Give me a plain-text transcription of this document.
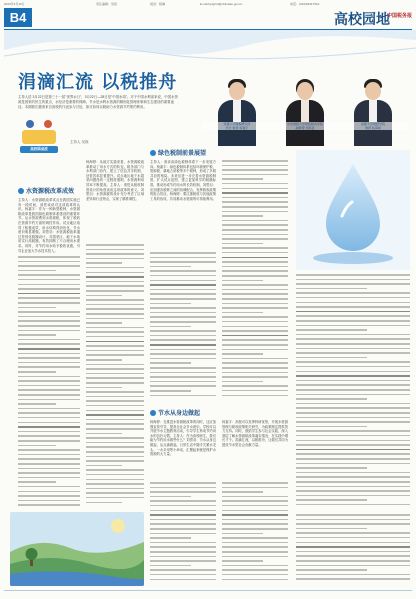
2023年3月10日	责任编辑：吴琼	视觉：程琳	E-mail:qnghrd@chinatax.gov.cn	电话：(010)63417516
B4	高校园地
中国税务报
涓滴汇流 以税推舟
主持人语 3月22日是第三十一届"世界水日"，3月22日—28日是"中国水周"。对于中国水利部来说，中国水资源是国家的民生的重点，水经济是重要的保障。节水是水利水资源的精细化管理体制和生态建设的重要途径。本期我们邀请来自高校的代表参与讨论，探讨如何以税助力水资源节约集约利用。
特邀大学财税研究所
所长 教授 杨嘉宇
中央财经大学财政税务学院
副教授 刘思羽
首都大学财经学院
教授 杨海婷
高校圆桌派
主持人 吴琼
水资源税改革成效
主持人：水资源税改革试点在我国实施已有一段时间，请您谈谈对这项改革的认识。杨嘉宇：作为一种新型税种，水资源税改革是我国绿色税制体系建设的重要环节。从水资源费到水资源税，体现了税收在资源节约方面的调控作用。试点地区取得了积极成效，用水结构得到优化，节水意识明显增强。刘思羽：水资源税改革通过差别化税额设计，对超采区、地下水取用实行高税额，有效抑制了不合理用水需求。同时，对节约用水给予税收优惠，引导企业加大节水技术投入。
杨海婷：从地方实践来看，水资源税改革推动了用水方式的转变。税务部门与水利部门协作，建立了信息共享机制，征管效率显著提升。试点地区地下水超采问题得到一定程度遏制，水资源利用效率不断提高。主持人：请您从税收制度设计的角度谈谈这项改革的意义。刘思羽：水资源税的设计充分考虑了区域差异和行业特点，实现了精准调控。
绿色税制前景展望
主持人：请谈谈绿色税制体系下一步发展方向。杨嘉宇：绿色税制体系包括环境保护税、资源税、耕地占用税等多个税种，形成了多税共治的格局。未来应进一步完善水资源税制度，扩大试点范围，建立更加科学的税额标准，推动形成节约用水的长效机制。刘思羽：应加强各税种之间的协调配合，发挥税收政策的组合效应。杨海婷：要注重税收与其他政策工具的协同，共同推动水资源的可持续利用。
节水从身边做起
杨海婷：在推进水资源税改革的同时，还应加强宣传引导，提高全社会节水意识。学校可以开展节水主题教育活动，引导学生养成节约用水的良好习惯。主持人：作为高校师生，我们能为节约用水做些什么？刘思羽：节水从身边做起，从点滴做起。日常生活中随手关紧水龙头、一水多用等小举动，汇聚起来就是保护水资源的大力量。
杨嘉宇：高校可以发挥科研优势，开展水资源管理与税收政策相关研究，为政策制定提供智力支持。同时，鼓励学生参与社会实践，深入基层了解水资源税改革落实情况，在实践中增长才干。涓滴汇流，以税推舟，让我们共同为建设节水型社会贡献力量。
